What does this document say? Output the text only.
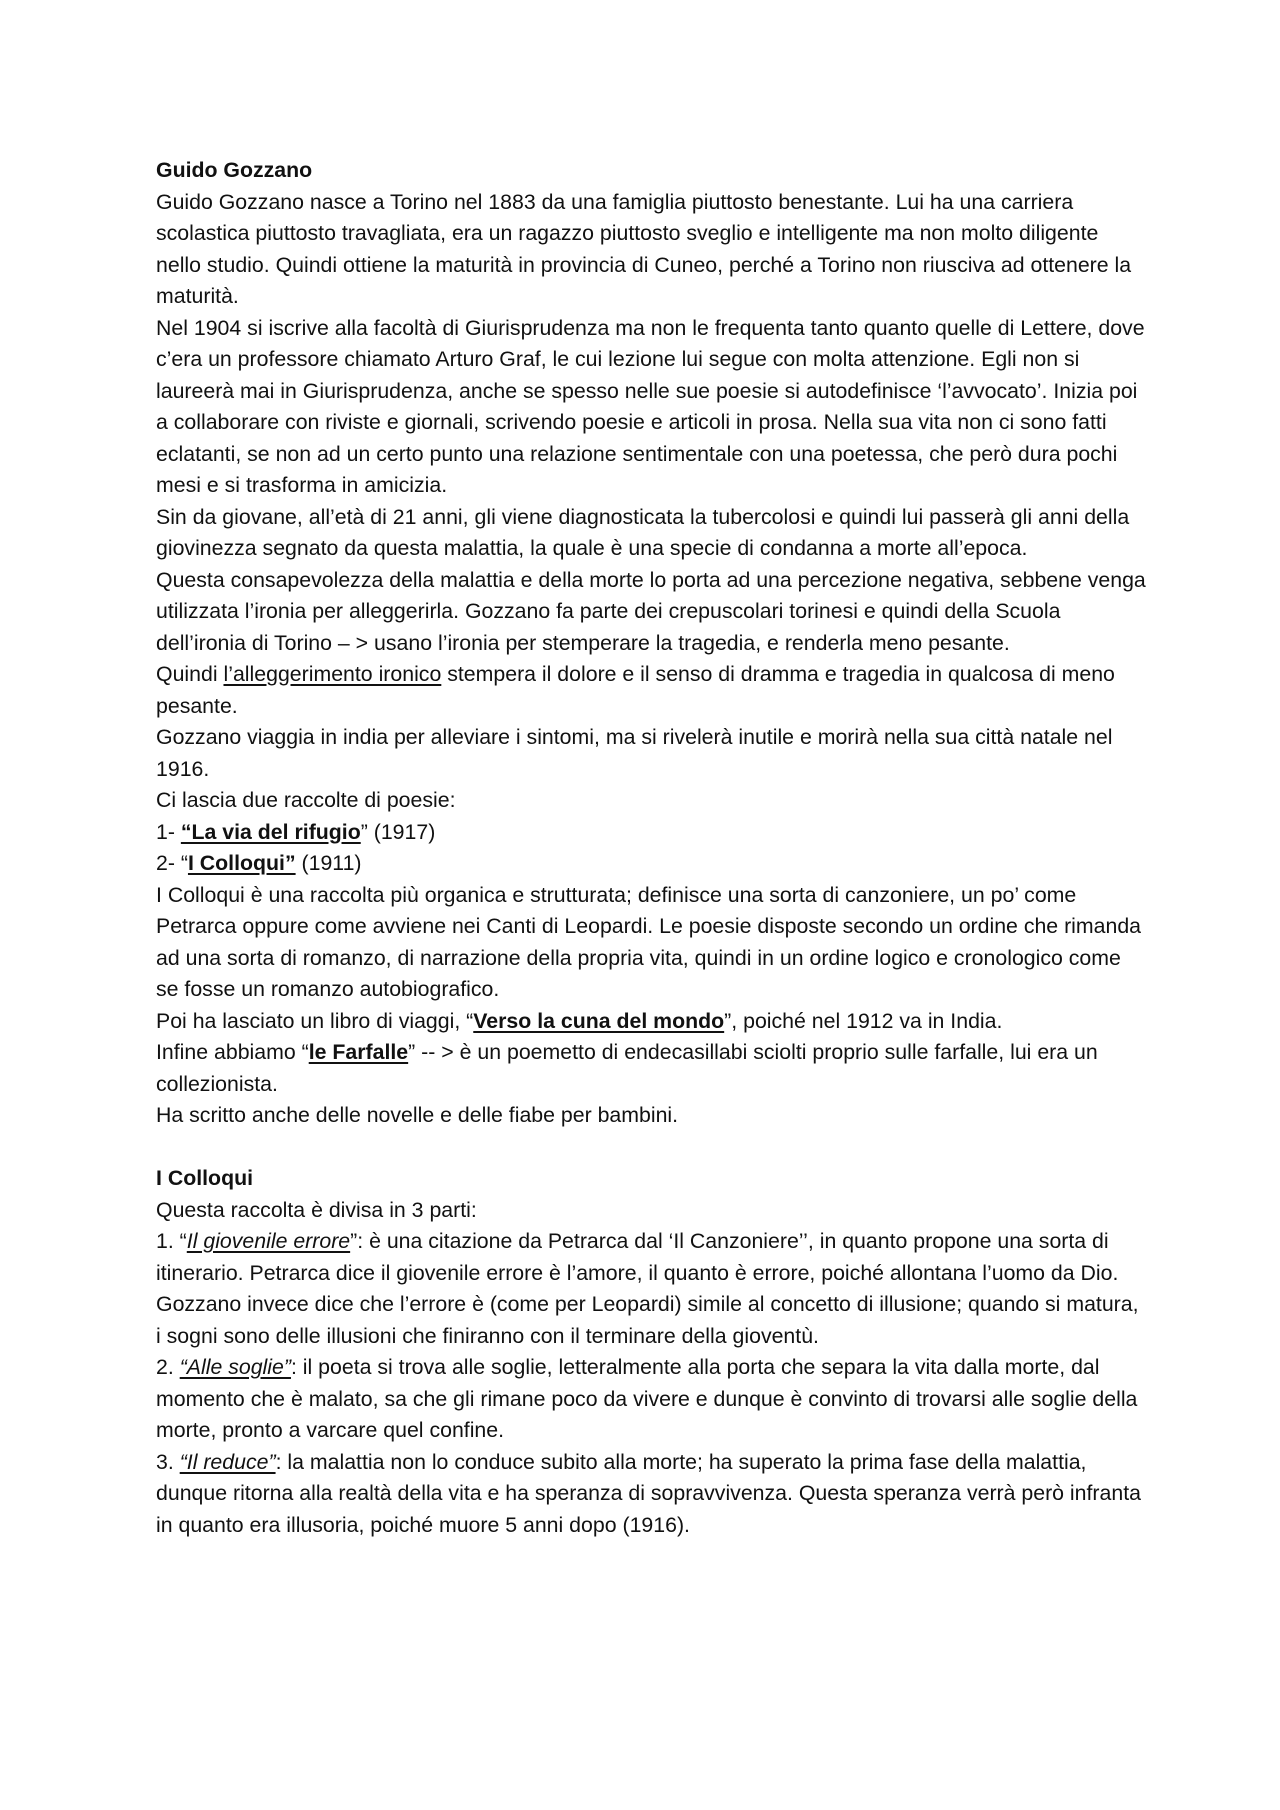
Guido Gozzano

Guido Gozzano nasce a Torino nel 1883 da una famiglia piuttosto benestante. Lui ha una carriera scolastica piuttosto travagliata, era un ragazzo piuttosto sveglio e intelligente ma non molto diligente nello studio. Quindi ottiene la maturità in provincia di Cuneo, perché a Torino non riusciva ad ottenere la maturità.

Nel 1904 si iscrive alla facoltà di Giurisprudenza ma non le frequenta tanto quanto quelle di Lettere, dove c’era un professore chiamato Arturo Graf, le cui lezione lui segue con molta attenzione. Egli non si laureerà mai in Giurisprudenza, anche se spesso nelle sue poesie si autodefinisce ‘l’avvocato’. Inizia poi a collaborare con riviste e giornali, scrivendo poesie e articoli in prosa. Nella sua vita non ci sono fatti eclatanti, se non ad un certo punto una relazione sentimentale con una poetessa, che però dura pochi mesi e si trasforma in amicizia.

Sin da giovane, all’età di 21 anni, gli viene diagnosticata la tubercolosi e quindi lui passerà gli anni della giovinezza segnato da questa malattia, la quale è una specie di condanna a morte all’epoca.

Questa consapevolezza della malattia e della morte lo porta ad una percezione negativa, sebbene venga utilizzata l’ironia per alleggerirla. Gozzano fa parte dei crepuscolari torinesi e quindi della Scuola dell’ironia di Torino – > usano l’ironia per stemperare la tragedia, e renderla meno pesante.

Quindi l’alleggerimento ironico stempera il dolore e il senso di dramma e tragedia in qualcosa di meno pesante.

Gozzano viaggia in india per alleviare i sintomi, ma si rivelerà inutile e morirà nella sua città natale nel 1916.

Ci lascia due raccolte di poesie:

1- “La via del rifugio” (1917)

2- “I Colloqui” (1911)

I Colloqui è una raccolta più organica e strutturata; definisce una sorta di canzoniere, un po’ come Petrarca oppure come avviene nei Canti di Leopardi. Le poesie disposte secondo un ordine che rimanda ad una sorta di romanzo, di narrazione della propria vita, quindi in un ordine logico e cronologico come se fosse un romanzo autobiografico.

Poi ha lasciato un libro di viaggi, “Verso la cuna del mondo”, poiché nel 1912 va in India.

Infine abbiamo “le Farfalle” -- > è un poemetto di endecasillabi sciolti proprio sulle farfalle, lui era un collezionista.

Ha scritto anche delle novelle e delle fiabe per bambini.

I Colloqui

Questa raccolta è divisa in 3 parti:

1. “Il giovenile errore”: è una citazione da Petrarca dal ‘Il Canzoniere’’, in quanto propone una sorta di itinerario. Petrarca dice il giovenile errore è l’amore, il quanto è errore, poiché allontana l’uomo da Dio. Gozzano invece dice che l’errore è (come per Leopardi) simile al concetto di illusione; quando si matura, i sogni sono delle illusioni che finiranno con il terminare della gioventù.

2. “Alle soglie”: il poeta si trova alle soglie, letteralmente alla porta che separa la vita dalla morte, dal momento che è malato, sa che gli rimane poco da vivere e dunque è convinto di trovarsi alle soglie della morte, pronto a varcare quel confine.

3. “Il reduce”: la malattia non lo conduce subito alla morte; ha superato la prima fase della malattia, dunque ritorna alla realtà della vita e ha speranza di sopravvivenza. Questa speranza verrà però infranta in quanto era illusoria, poiché muore 5 anni dopo (1916).
